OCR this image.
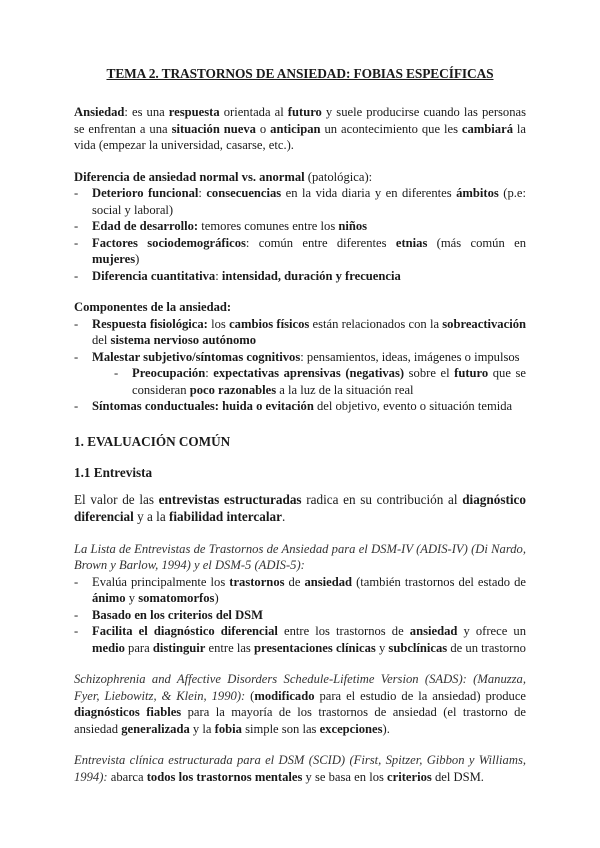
TEMA 2. TRASTORNOS DE ANSIEDAD: FOBIAS ESPECÍFICAS

Ansiedad: es una respuesta orientada al futuro y suele producirse cuando las personas se enfrentan a una situación nueva o anticipan un acontecimiento que les cambiará la vida (empezar la universidad, casarse, etc.).

Diferencia de ansiedad normal vs. anormal (patológica):
- Deterioro funcional: consecuencias en la vida diaria y en diferentes ámbitos (p.e: social y laboral)
- Edad de desarrollo: temores comunes entre los niños
- Factores sociodemográficos: común entre diferentes etnias (más común en mujeres)
- Diferencia cuantitativa: intensidad, duración y frecuencia
Componentes de la ansiedad:
- Respuesta fisiológica: los cambios físicos están relacionados con la sobreactivación del sistema nervioso autónomo
- Malestar subjetivo/síntomas cognitivos: pensamientos, ideas, imágenes o impulsos
- Preocupación: expectativas aprensivas (negativas) sobre el futuro que se consideran poco razonables a la luz de la situación real
- Síntomas conductuales: huida o evitación del objetivo, evento o situación temida
1. EVALUACIÓN COMÚN
1.1 Entrevista

El valor de las entrevistas estructuradas radica en su contribución al diagnóstico diferencial y a la fiabilidad intercalar.

La Lista de Entrevistas de Trastornos de Ansiedad para el DSM-IV (ADIS-IV) (Di Nardo, Brown y Barlow, 1994) y el DSM-5 (ADIS-5):

- Evalúa principalmente los trastornos de ansiedad (también trastornos del estado de ánimo y somatomorfos)
- Basado en los criterios del DSM
- Facilita el diagnóstico diferencial entre los trastornos de ansiedad y ofrece un medio para distinguir entre las presentaciones clínicas y subclínicas de un trastorno

Schizophrenia and Affective Disorders Schedule-Lifetime Version (SADS): (Manuzza, Fyer, Liebowitz, & Klein, 1990): (modificado para el estudio de la ansiedad) produce diagnósticos fiables para la mayoría de los trastornos de ansiedad (el trastorno de ansiedad generalizada y la fobia simple son las excepciones).

Entrevista clínica estructurada para el DSM (SCID) (First, Spitzer, Gibbon y Williams, 1994): abarca todos los trastornos mentales y se basa en los criterios del DSM.
